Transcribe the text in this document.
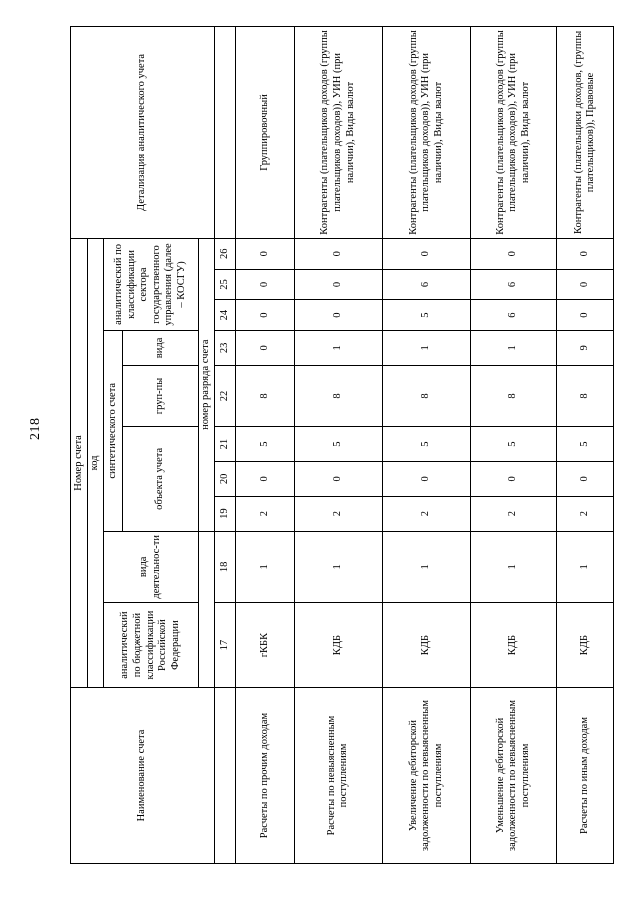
218
Наименование счета	Номер счета										Детализация аналитического учета
	код										
	аналитический по бюджетной классификации Российской Федерации	вида деятельнос-ти	синтетического счета					аналитический по классификации сектора государственного управления (далее – КОСГУ)			
			объекта учета			груп-пы	вида				
			номер разряда счета								
	17	18	19	20	21	22	23	24	25	26	
Расчеты по прочим доходам	гКБК	1	2	0	5	8	0	0	0	0	Группировочный
Расчеты по невыясненным поступлениям	КДБ	1	2	0	5	8	1	0	0	0	Контрагенты (плательщиков доходов (группы плательщиков доходов)), УИН (при наличии), Виды валют
Увеличение дебиторской задолженности по невыясненным поступлениям	КДБ	1	2	0	5	8	1	5	6	0	Контрагенты (плательщиков доходов (группы плательщиков доходов)), УИН (при наличии), Виды валют
Уменьшение дебиторской задолженности по невыясненным поступлениям	КДБ	1	2	0	5	8	1	6	6	0	Контрагенты (плательщиков доходов (группы плательщиков доходов)), УИН (при наличии), Виды валют
Расчеты по иным доходам	КДБ	1	2	0	5	8	9	0	0	0	Контрагенты (плательщики доходов, (группы плательщиков)), Правовые
